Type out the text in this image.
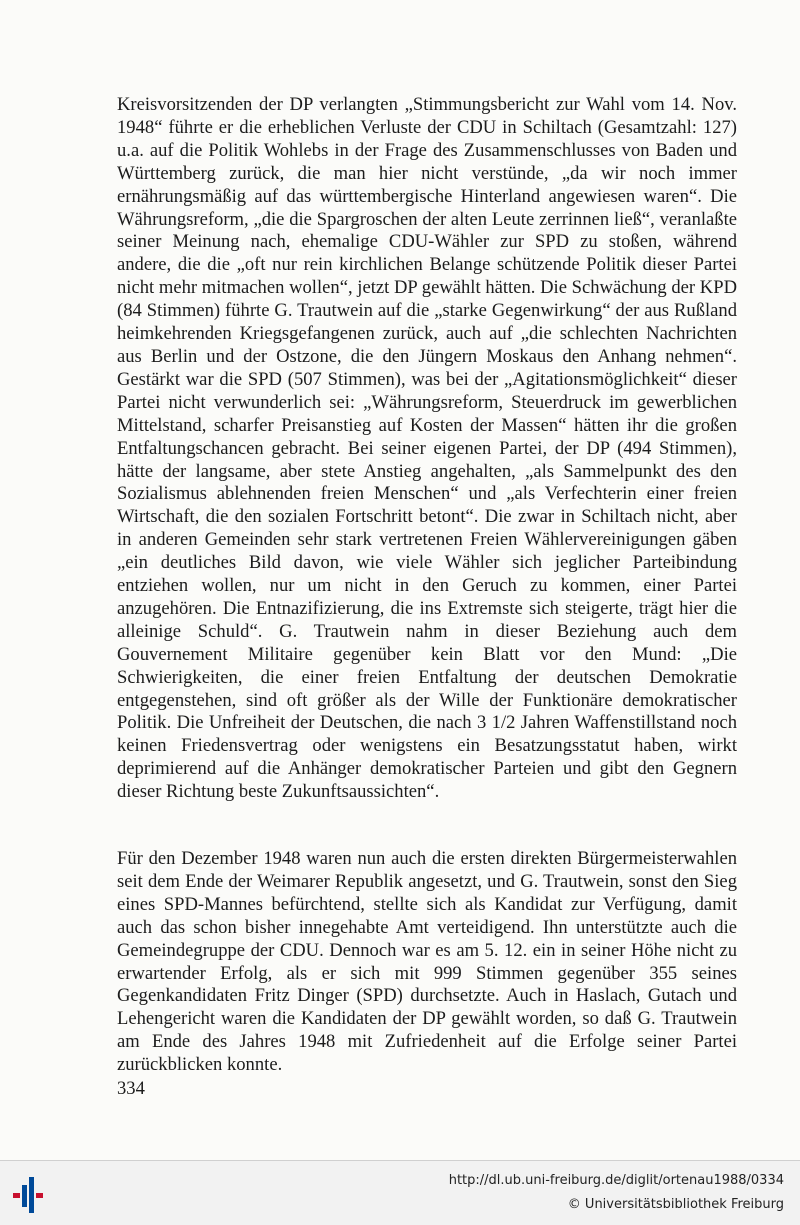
Kreisvorsitzenden der DP verlangten „Stimmungsbericht zur Wahl vom 14. Nov. 1948“ führte er die erheblichen Verluste der CDU in Schiltach (Gesamtzahl: 127) u.a. auf die Politik Wohlebs in der Frage des Zusammenschlusses von Baden und Württemberg zurück, die man hier nicht verstünde, „da wir noch immer ernährungsmäßig auf das württembergische Hinterland angewiesen waren“. Die Währungsreform, „die die Spargroschen der alten Leute zerrinnen ließ“, veranlaßte seiner Meinung nach, ehemalige CDU-Wähler zur SPD zu stoßen, während andere, die die „oft nur rein kirchlichen Belange schützende Politik dieser Partei nicht mehr mitmachen wollen“, jetzt DP gewählt hätten. Die Schwächung der KPD (84 Stimmen) führte G. Trautwein auf die „starke Gegenwirkung“ der aus Rußland heimkehrenden Kriegsgefangenen zurück, auch auf „die schlechten Nachrichten aus Berlin und der Ostzone, die den Jüngern Moskaus den Anhang nehmen“. Gestärkt war die SPD (507 Stimmen), was bei der „Agitationsmöglichkeit“ dieser Partei nicht verwunderlich sei: „Währungsreform, Steuerdruck im gewerblichen Mittelstand, scharfer Preisanstieg auf Kosten der Massen“ hätten ihr die großen Entfaltungschancen gebracht. Bei seiner eigenen Partei, der DP (494 Stimmen), hätte der langsame, aber stete Anstieg angehalten, „als Sammelpunkt des den Sozialismus ablehnenden freien Menschen“ und „als Verfechterin einer freien Wirtschaft, die den sozialen Fortschritt betont“. Die zwar in Schiltach nicht, aber in anderen Gemeinden sehr stark vertretenen Freien Wählervereinigungen gäben „ein deutliches Bild davon, wie viele Wähler sich jeglicher Parteibindung entziehen wollen, nur um nicht in den Geruch zu kommen, einer Partei anzugehören. Die Entnazifizierung, die ins Extremste sich steigerte, trägt hier die alleinige Schuld“. G. Trautwein nahm in dieser Beziehung auch dem Gouvernement Militaire gegenüber kein Blatt vor den Mund: „Die Schwierigkeiten, die einer freien Entfaltung der deutschen Demokratie entgegenstehen, sind oft größer als der Wille der Funktionäre demokratischer Politik. Die Unfreiheit der Deutschen, die nach 3 1/2 Jahren Waffenstillstand noch keinen Friedensvertrag oder wenigstens ein Besatzungsstatut haben, wirkt deprimierend auf die Anhänger demokratischer Parteien und gibt den Gegnern dieser Richtung beste Zukunftsaussichten“.

Für den Dezember 1948 waren nun auch die ersten direkten Bürgermeisterwahlen seit dem Ende der Weimarer Republik angesetzt, und G. Trautwein, sonst den Sieg eines SPD-Mannes befürchtend, stellte sich als Kandidat zur Verfügung, damit auch das schon bisher innegehabte Amt verteidigend. Ihn unterstützte auch die Gemeindegruppe der CDU. Dennoch war es am 5. 12. ein in seiner Höhe nicht zu erwartender Erfolg, als er sich mit 999 Stimmen gegenüber 355 seines Gegenkandidaten Fritz Dinger (SPD) durchsetzte. Auch in Haslach, Gutach und Lehengericht waren die Kandidaten der DP gewählt worden, so daß G. Trautwein am Ende des Jahres 1948 mit Zufriedenheit auf die Erfolge seiner Partei zurückblicken konnte.

334
http://dl.ub.uni-freiburg.de/diglit/ortenau1988/0334
© Universitätsbibliothek Freiburg
